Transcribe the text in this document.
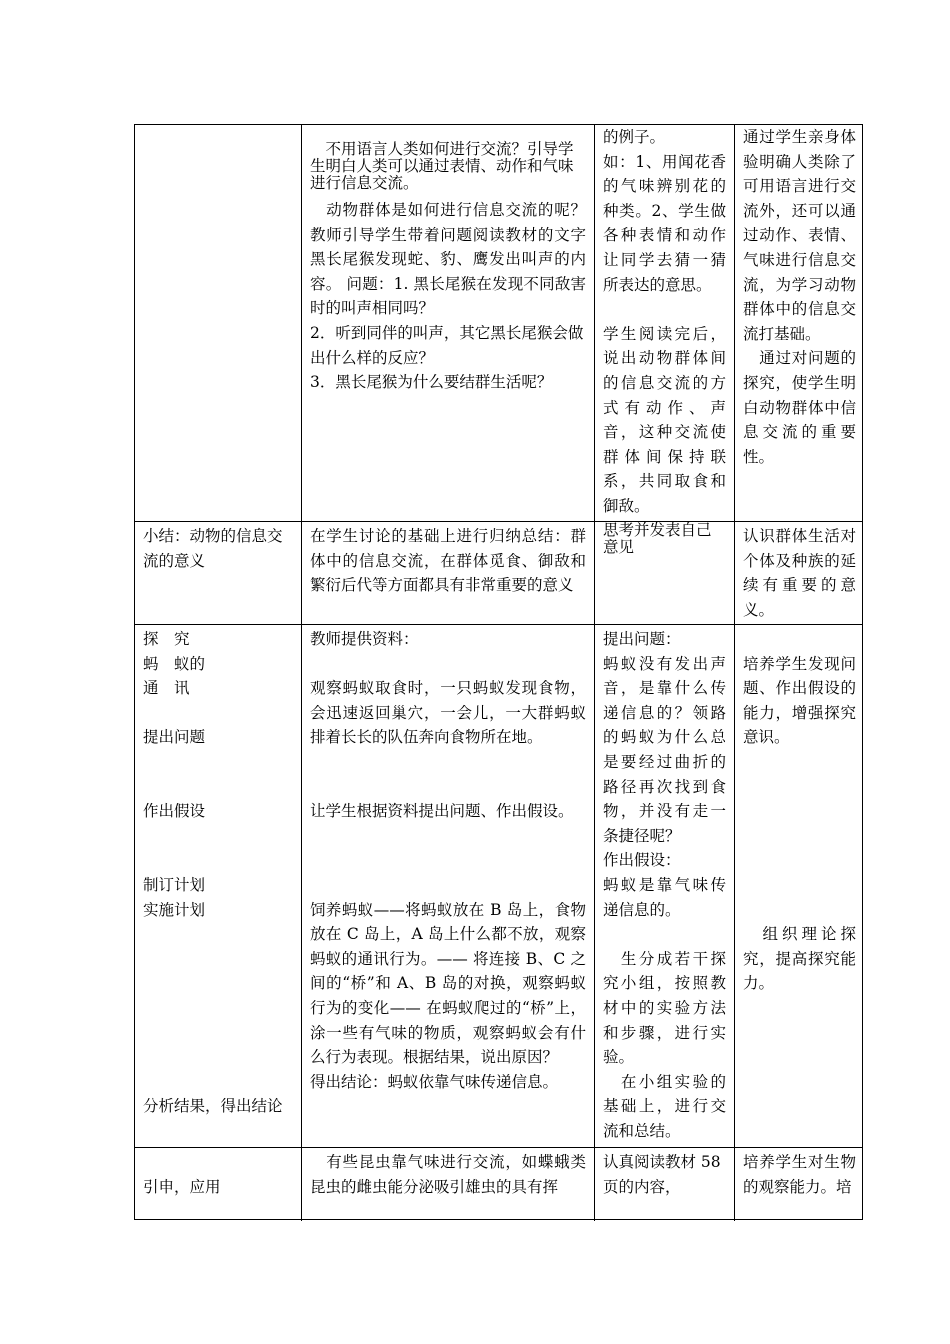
　不用语言人类如何进行交流？引导学生明白人类可以通过表情、动作和气味进行信息交流。

　动物群体是如何进行信息交流的呢？教师引导学生带着问题阅读教材的文字黑长尾猴发现蛇、豹、鹰发出叫声的内容。 问题：1. 黑长尾猴在发现不同敌害时的叫声相同吗？

2．听到同伴的叫声，其它黑长尾猴会做出什么样的反应？

3．黑长尾猴为什么要结群生活呢？

的例子。

如：1、用闻花香的气味辨别花的种类。2、学生做各种表情和动作让同学去猜一猜所表达的意思。

学生阅读完后，说出动物群体间的信息交流的方式有动作、声音，这种交流使群体间保持联系，共同取食和御敌。

通过学生亲身体验明确人类除了可用语言进行交流外，还可以通过动作、表情、气味进行信息交流，为学习动物群体中的信息交流打基础。

　通过对问题的探究，使学生明白动物群体中信息交流的重要性。

小结：动物的信息交流的意义

在学生讨论的基础上进行归纳总结：群体中的信息交流，在群体觅食、御敌和繁衍后代等方面都具有非常重要的意义

思考并发表自己意见

认识群体生活对个体及种族的延续有重要的意义。

探　究

蚂　蚁的

通　讯

提出问题

作出假设

制订计划

实施计划

分析结果，得出结论

教师提供资料：

观察蚂蚁取食时，一只蚂蚁发现食物，会迅速返回巢穴，一会儿，一大群蚂蚁排着长长的队伍奔向食物所在地。

让学生根据资料提出问题、作出假设。

饲养蚂蚁——将蚂蚁放在 B 岛上，食物放在 C 岛上，A 岛上什么都不放，观察蚂蚁的通讯行为。—— 将连接 B、C 之间的“桥”和 A、B 岛的对换，观察蚂蚁行为的变化—— 在蚂蚁爬过的“桥”上，涂一些有气味的物质，观察蚂蚁会有什么行为表现。根据结果，说出原因？

得出结论：蚂蚁依靠气味传递信息。

提出问题：

蚂蚁没有发出声音，是靠什么传递信息的？领路的蚂蚁为什么总是要经过曲折的路径再次找到食物，并没有走一条捷径呢？

作出假设：

蚂蚁是靠气味传递信息的。

　生分成若干探究小组，按照教材中的实验方法和步骤，进行实验。

　在小组实验的基础上，进行交流和总结。

培养学生发现问题、作出假设的能力，增强探究意识。

　组织理论探究，提高探究能力。

引申，应用

　有些昆虫靠气味进行交流，如蝶蛾类昆虫的雌虫能分泌吸引雄虫的具有挥

认真阅读教材 58 页的内容，

培养学生对生物的观察能力。培
